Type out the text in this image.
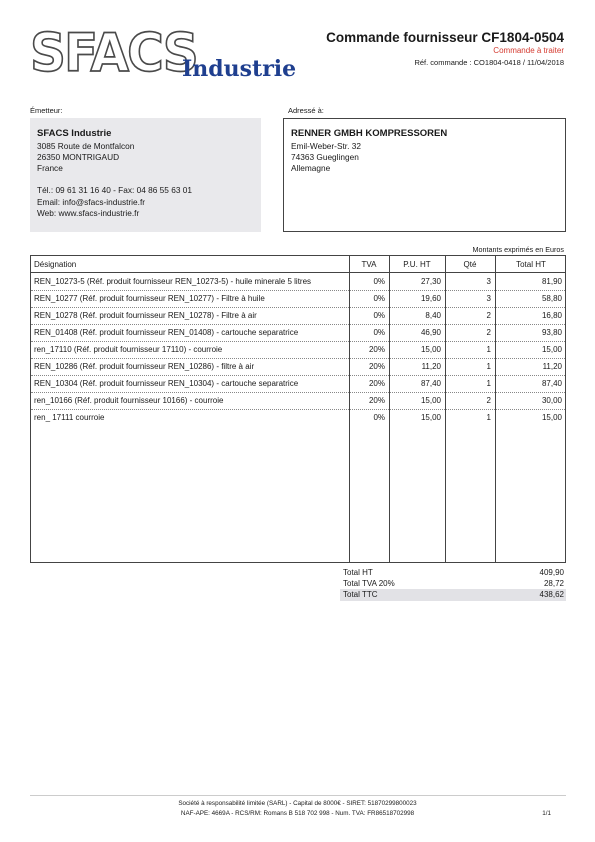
SFACS
Industrie
Commande fournisseur CF1804-0504
Commande à traiter
Réf. commande : CO1804-0418 / 11/04/2018
Émetteur:	Adressé à:
SFACS Industrie
3085 Route de Montfalcon
26350 MONTRIGAUD
France
Tél.: 09 61 31 16 40 - Fax: 04 86 55 63 01
Email: info@sfacs-industrie.fr
Web: www.sfacs-industrie.fr
RENNER GMBH KOMPRESSOREN
Emil-Weber-Str. 32
74363 Gueglingen
Allemagne
Montants exprimés en Euros
Désignation	TVA	P.U. HT	Qté	Total HT
REN_10273-5 (Réf. produit fournisseur REN_10273-5) - huile minerale 5 litres	0%	27,30	3	81,90
REN_10277 (Réf. produit fournisseur REN_10277) - Filtre à huile	0%	19,60	3	58,80
REN_10278 (Réf. produit fournisseur REN_10278) - Filtre à air	0%	8,40	2	16,80
REN_01408 (Réf. produit fournisseur REN_01408) - cartouche separatrice	0%	46,90	2	93,80
ren_17110 (Réf. produit fournisseur 17110) - courroie	20%	15,00	1	15,00
REN_10286 (Réf. produit fournisseur REN_10286) - filtre à air	20%	11,20	1	11,20
REN_10304 (Réf. produit fournisseur REN_10304) - cartouche separatrice	20%	87,40	1	87,40
ren_10166 (Réf. produit fournisseur 10166) - courroie	20%	15,00	2	30,00
ren_ 17111 courroie	0%	15,00	1	15,00
Total HT	409,90
Total TVA 20%	28,72
Total TTC	438,62
Société à responsabilité limitée (SARL) - Capital de 8000€ - SIRET: 51870299800023
NAF-APE: 4669A - RCS/RM: Romans B 518 702 998 - Num. TVA: FR86518702998	1/1
